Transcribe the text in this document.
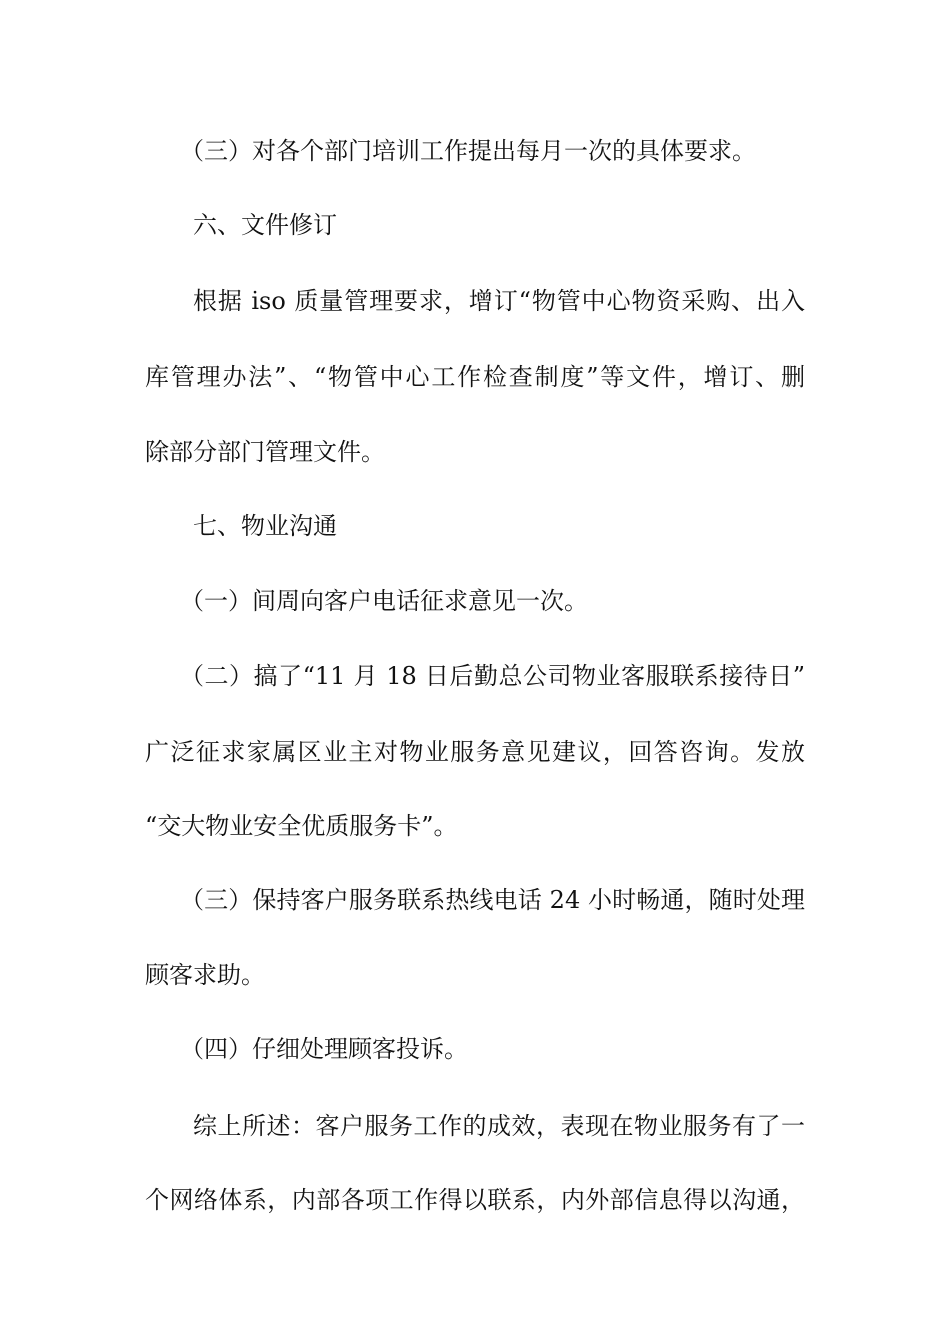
（三）对各个部门培训工作提出每月一次的具体要求。
六、文件修订
根据 iso 质量管理要求，增订“物管中心物资采购、出入
库管理办法”、“物管中心工作检查制度”等文件，增订、删
除部分部门管理文件。
七、物业沟通
（一）间周向客户电话征求意见一次。
（二）搞了“11 月 18 日后勤总公司物业客服联系接待日”
广泛征求家属区业主对物业服务意见建议，回答咨询。发放
“交大物业安全优质服务卡”。
（三）保持客户服务联系热线电话 24 小时畅通，随时处理
顾客求助。
（四）仔细处理顾客投诉。
综上所述：客户服务工作的成效，表现在物业服务有了一
个网络体系，内部各项工作得以联系，内外部信息得以沟通，
